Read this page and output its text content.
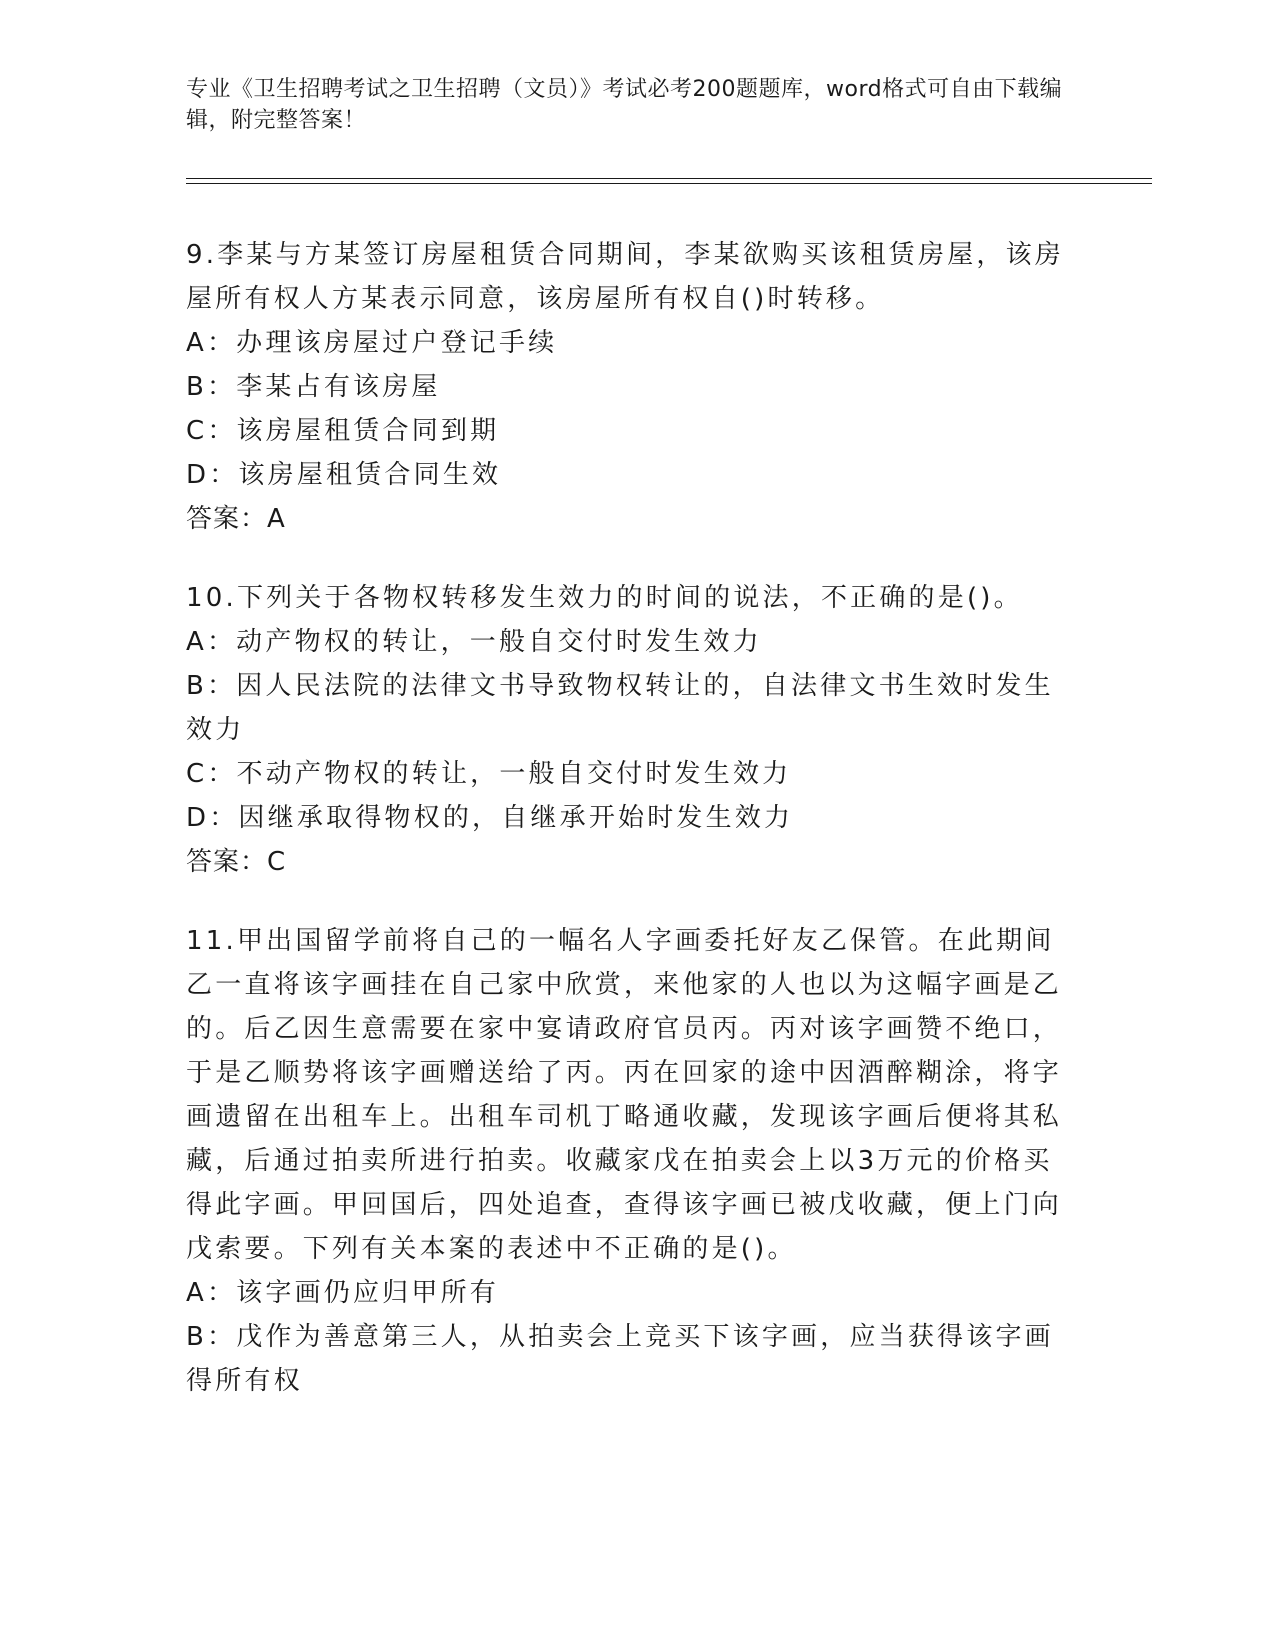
专业《卫生招聘考试之卫生招聘（文员）》考试必考200题题库，word格式可自由下载编辑，附完整答案！

9.李某与方某签订房屋租赁合同期间，李某欲购买该租赁房屋，该房屋所有权人方某表示同意，该房屋所有权自()时转移。

A：办理该房屋过户登记手续

B：李某占有该房屋

C：该房屋租赁合同到期

D：该房屋租赁合同生效

答案：A

10.下列关于各物权转移发生效力的时间的说法，不正确的是()。

A：动产物权的转让，一般自交付时发生效力

B：因人民法院的法律文书导致物权转让的，自法律文书生效时发生效力

C：不动产物权的转让，一般自交付时发生效力

D：因继承取得物权的，自继承开始时发生效力

答案：C

11.甲出国留学前将自己的一幅名人字画委托好友乙保管。在此期间乙一直将该字画挂在自己家中欣赏，来他家的人也以为这幅字画是乙的。后乙因生意需要在家中宴请政府官员丙。丙对该字画赞不绝口，于是乙顺势将该字画赠送给了丙。丙在回家的途中因酒醉糊涂，将字画遗留在出租车上。出租车司机丁略通收藏，发现该字画后便将其私藏，后通过拍卖所进行拍卖。收藏家戊在拍卖会上以3万元的价格买得此字画。甲回国后，四处追查，查得该字画已被戊收藏，便上门向戊索要。下列有关本案的表述中不正确的是()。

A：该字画仍应归甲所有

B：戊作为善意第三人，从拍卖会上竞买下该字画，应当获得该字画得所有权
